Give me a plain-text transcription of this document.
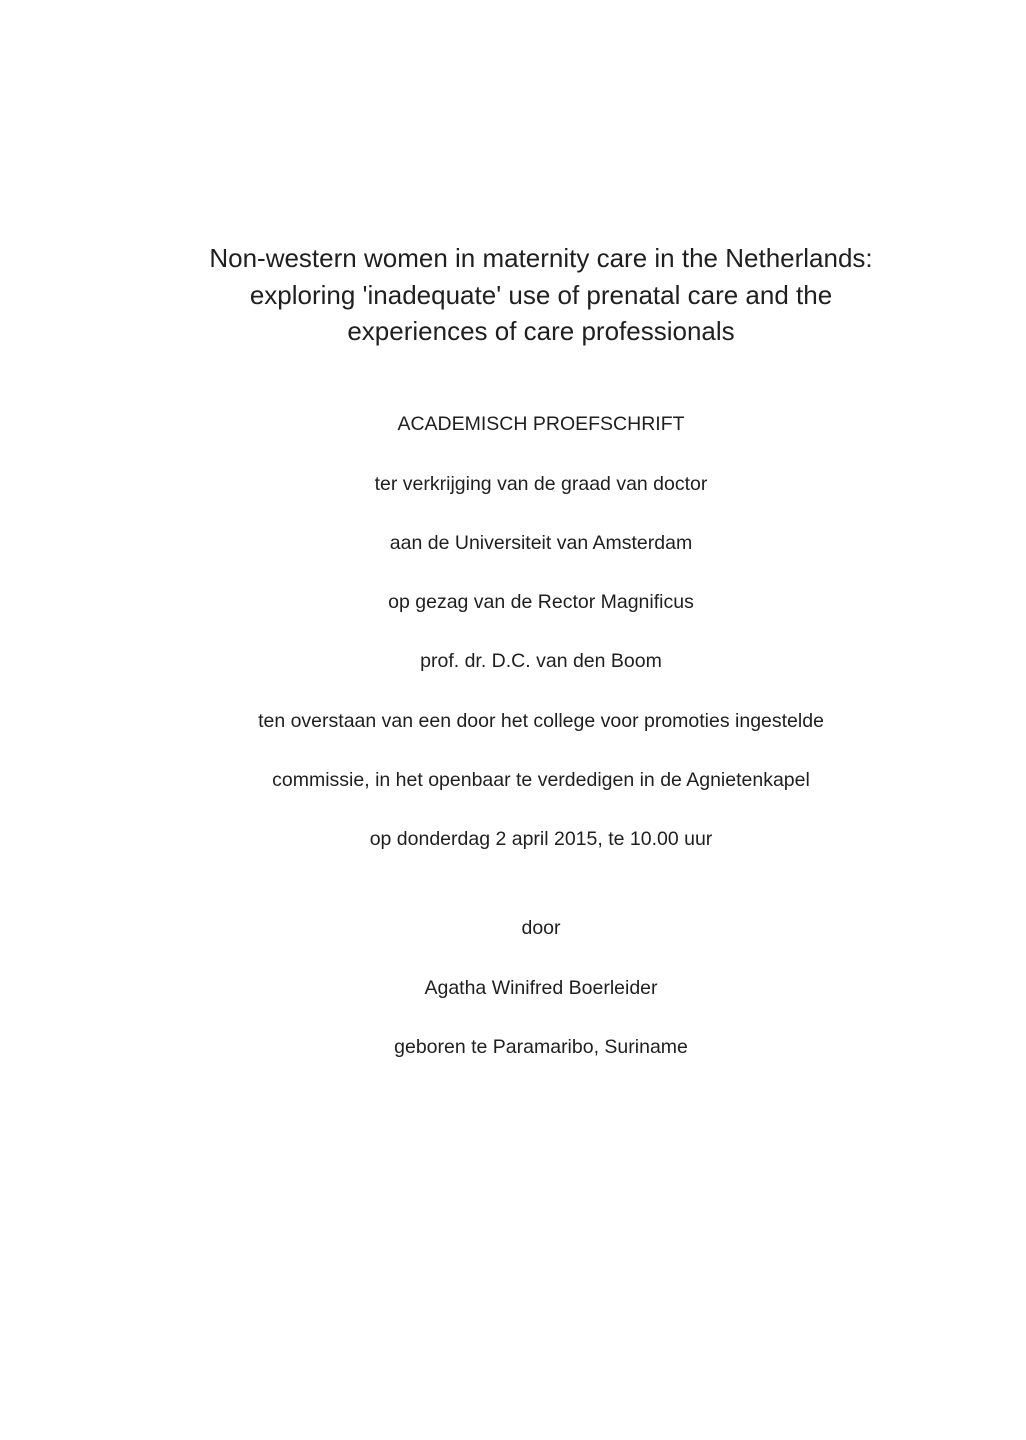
Non-western women in maternity care in the Netherlands:
exploring 'inadequate' use of prenatal care and the
experiences of care professionals
ACADEMISCH PROEFSCHRIFT
ter verkrijging van de graad van doctor
aan de Universiteit van Amsterdam
op gezag van de Rector Magnificus
prof. dr. D.C. van den Boom
ten overstaan van een door het college voor promoties ingestelde
commissie, in het openbaar te verdedigen in de Agnietenkapel
op donderdag 2 april 2015, te 10.00 uur
door
Agatha Winifred Boerleider
geboren te Paramaribo, Suriname
